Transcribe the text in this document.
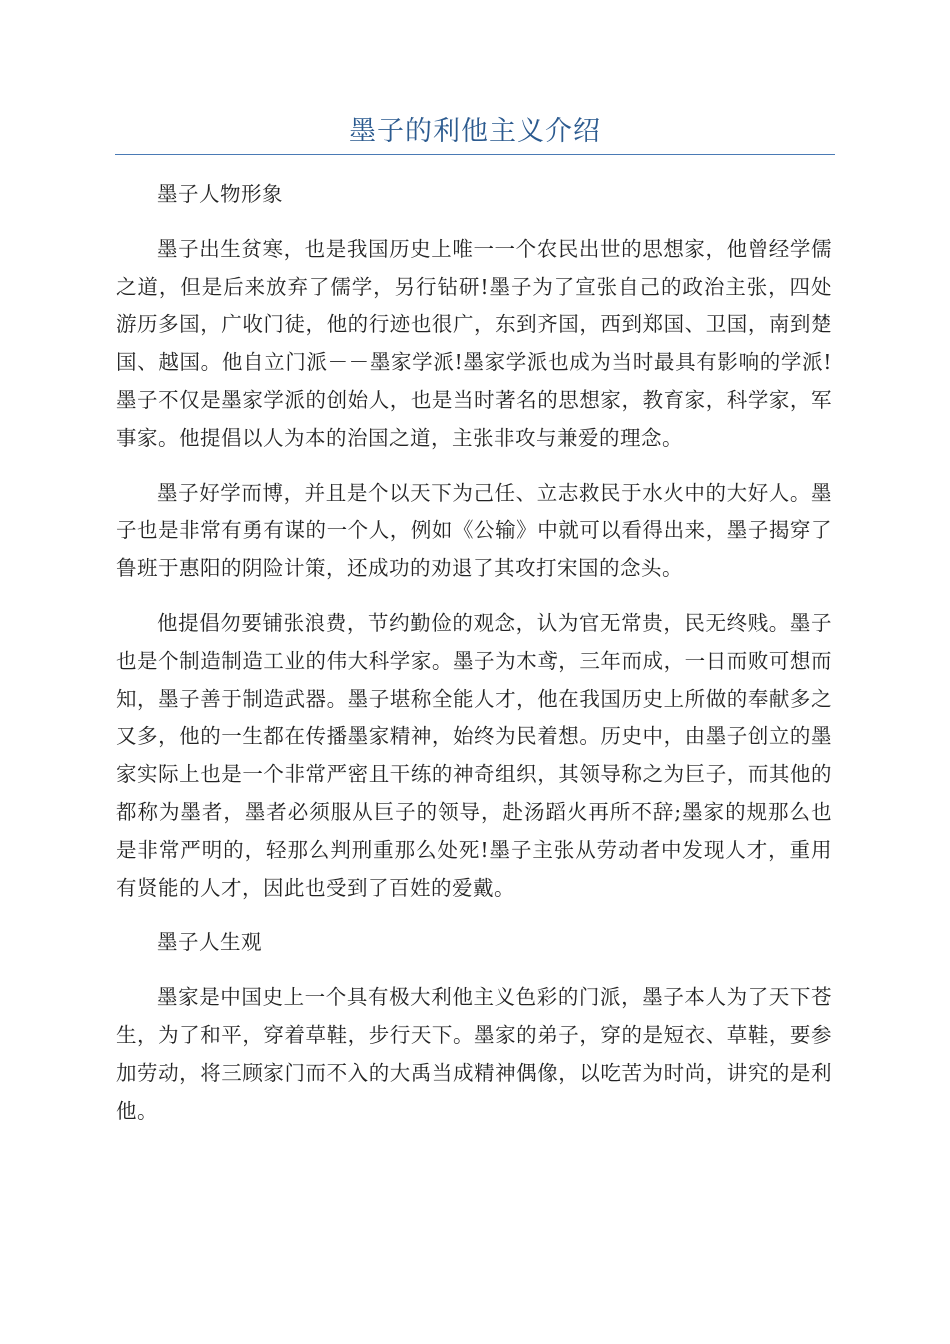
墨子的利他主义介绍

墨子人物形象

墨子出生贫寒，也是我国历史上唯一一个农民出世的思想家，他曾经学儒之道，但是后来放弃了儒学，另行钻研!墨子为了宣张自己的政治主张，四处游历多国，广收门徒，他的行迹也很广，东到齐国，西到郑国、卫国，南到楚国、越国。他自立门派－－墨家学派!墨家学派也成为当时最具有影响的学派!墨子不仅是墨家学派的创始人，也是当时著名的思想家，教育家，科学家，军事家。他提倡以人为本的治国之道，主张非攻与兼爱的理念。

墨子好学而博，并且是个以天下为己任、立志救民于水火中的大好人。墨子也是非常有勇有谋的一个人，例如《公输》中就可以看得出来，墨子揭穿了鲁班于惠阳的阴险计策，还成功的劝退了其攻打宋国的念头。

他提倡勿要铺张浪费，节约勤俭的观念，认为官无常贵，民无终贱。墨子也是个制造制造工业的伟大科学家。墨子为木鸢，三年而成，一日而败可想而知，墨子善于制造武器。墨子堪称全能人才，他在我国历史上所做的奉献多之又多，他的一生都在传播墨家精神，始终为民着想。历史中，由墨子创立的墨家实际上也是一个非常严密且干练的神奇组织，其领导称之为巨子，而其他的都称为墨者，墨者必须服从巨子的领导，赴汤蹈火再所不辞;墨家的规那么也是非常严明的，轻那么判刑重那么处死!墨子主张从劳动者中发现人才，重用有贤能的人才，因此也受到了百姓的爱戴。

墨子人生观

墨家是中国史上一个具有极大利他主义色彩的门派，墨子本人为了天下苍生，为了和平，穿着草鞋，步行天下。墨家的弟子，穿的是短衣、草鞋，要参加劳动，将三顾家门而不入的大禹当成精神偶像，以吃苦为时尚，讲究的是利他。
